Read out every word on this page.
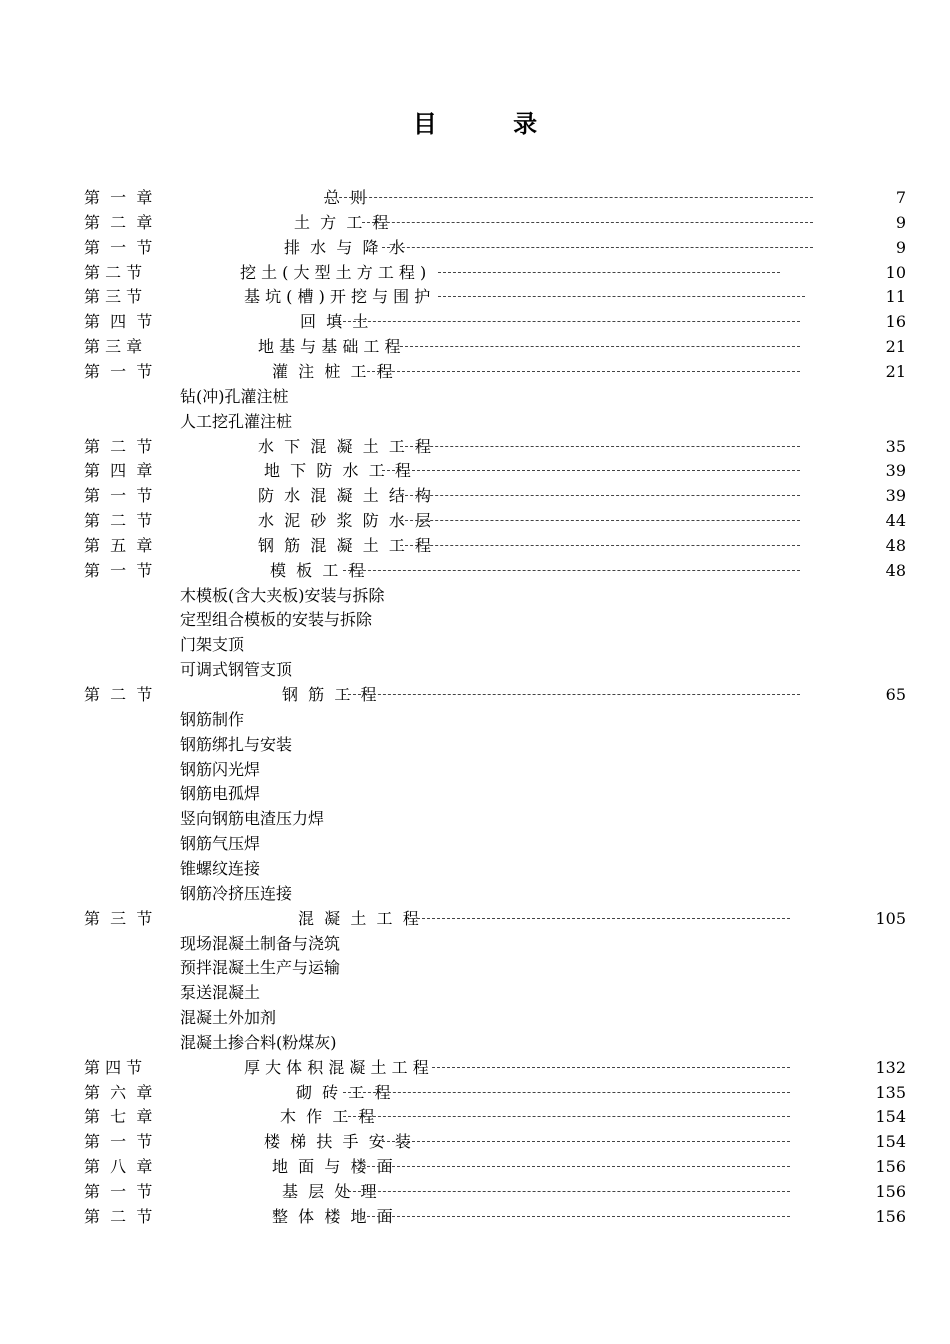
目 录
第  一  章	总  则	7
第  二  章	土  方  工  程	9
第  一  节	排  水  与  降  水	9
第 二 节	挖 土 ( 大 型 土 方 工 程 )	10
第 三 节	基 坑 ( 槽 ) 开 挖 与 围 护	11
第  四  节	回  填  土	16
第 三 章	地 基 与 基 础 工 程	21
第  一  节	灌  注  桩  工  程	21
钻(冲)孔灌注桩
人工挖孔灌注桩
第  二  节	水  下  混  凝  土  工  程	35
第  四  章	地  下  防  水  工  程	39
第  一  节	防  水  混  凝  土  结  构	39
第  二  节	水  泥  砂  浆  防  水  层	44
第  五  章	钢  筋  混  凝  土  工  程	48
第  一  节	模  板  工  程	48
木模板(含大夹板)安装与拆除
定型组合模板的安装与拆除
门架支顶
可调式钢管支顶
第  二  节	钢  筋  工  程	65
钢筋制作
钢筋绑扎与安装
钢筋闪光焊
钢筋电孤焊
竖向钢筋电渣压力焊
钢筋气压焊
锥螺纹连接
钢筋冷挤压连接
第  三  节	混  凝  土  工  程	105
现场混凝土制备与浇筑
预拌混凝土生产与运输
泵送混凝土
混凝土外加剂
混凝土掺合料(粉煤灰)
第 四 节	厚 大 体 积 混 凝 土 工 程	132
第  六  章	砌  砖  工  程	135
第  七  章	木  作  工  程	154
第  一  节	楼  梯  扶  手  安  装	154
第  八  章	地  面  与  楼  面	156
第  一  节	基  层  处  理	156
第  二  节	整  体  楼  地  面	156
